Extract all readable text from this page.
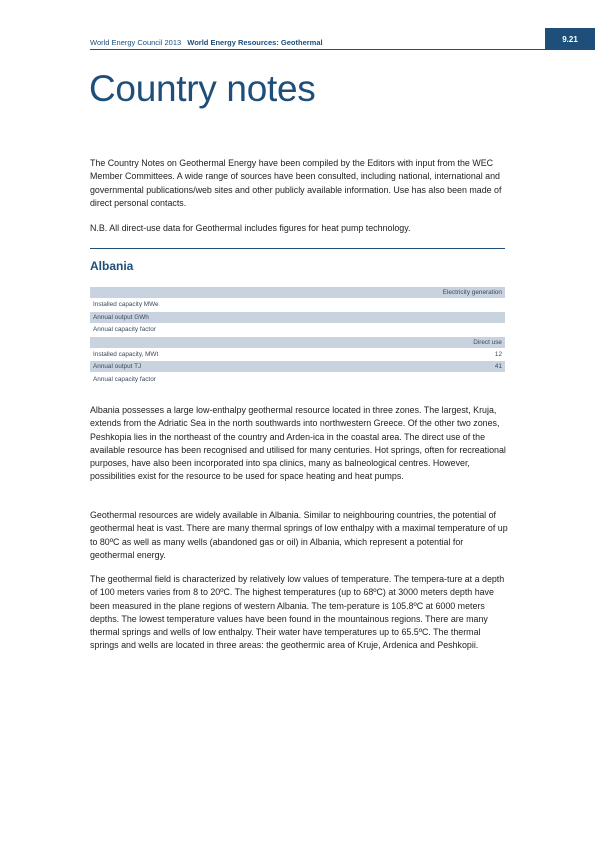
World Energy Council 2013 World Energy Resources: Geothermal	9.21
Country notes

The Country Notes on Geothermal Energy have been compiled by the Editors with input from the WEC Member Committees. A wide range of sources have been consulted, including national, international and governmental publications/web sites and other publicly available information. Use has also been made of direct personal contacts.

N.B. All direct-use data for Geothermal includes figures for heat pump technology.

Albania
Electricity generation
Installed capacity MWe
Annual output GWh
Annual capacity factor
Direct use
Installed capacity, MWt	12
Annual output TJ	41
Annual capacity factor

Albania possesses a large low-enthalpy geothermal resource located in three zones. The largest, Kruja, extends from the Adriatic Sea in the north southwards into northwestern Greece. Of the other two zones, Peshkopia lies in the northeast of the country and Arden-ica in the coastal area. The direct use of the available resource has been recognised and utilised for many centuries. Hot springs, often for recreational purposes, have also been incorporated into spa clinics, many as balneological centres. However, possibilities exist for the resource to be used for space heating and heat pumps.

Geothermal resources are widely available in Albania. Similar to neighbouring countries, the potential of geothermal heat is vast. There are many thermal springs of low enthalpy with a maximal temperature of up to 80ºC as well as many wells (abandoned gas or oil) in Albania, which represent a potential for geothermal energy.

The geothermal field is characterized by relatively low values of temperature. The tempera-ture at a depth of 100 meters varies from 8 to 20ºC. The highest temperatures (up to 68ºC) at 3000 meters depth have been measured in the plane regions of western Albania. The tem-perature is 105.8ºC at 6000 meters depths. The lowest temperature values have been found in the mountainous regions. There are many thermal springs and wells of low enthalpy. Their water have temperatures up to 65.5ºC. The thermal springs and wells are located in three areas: the geothermic area of Kruje, Ardenica and Peshkopii.
